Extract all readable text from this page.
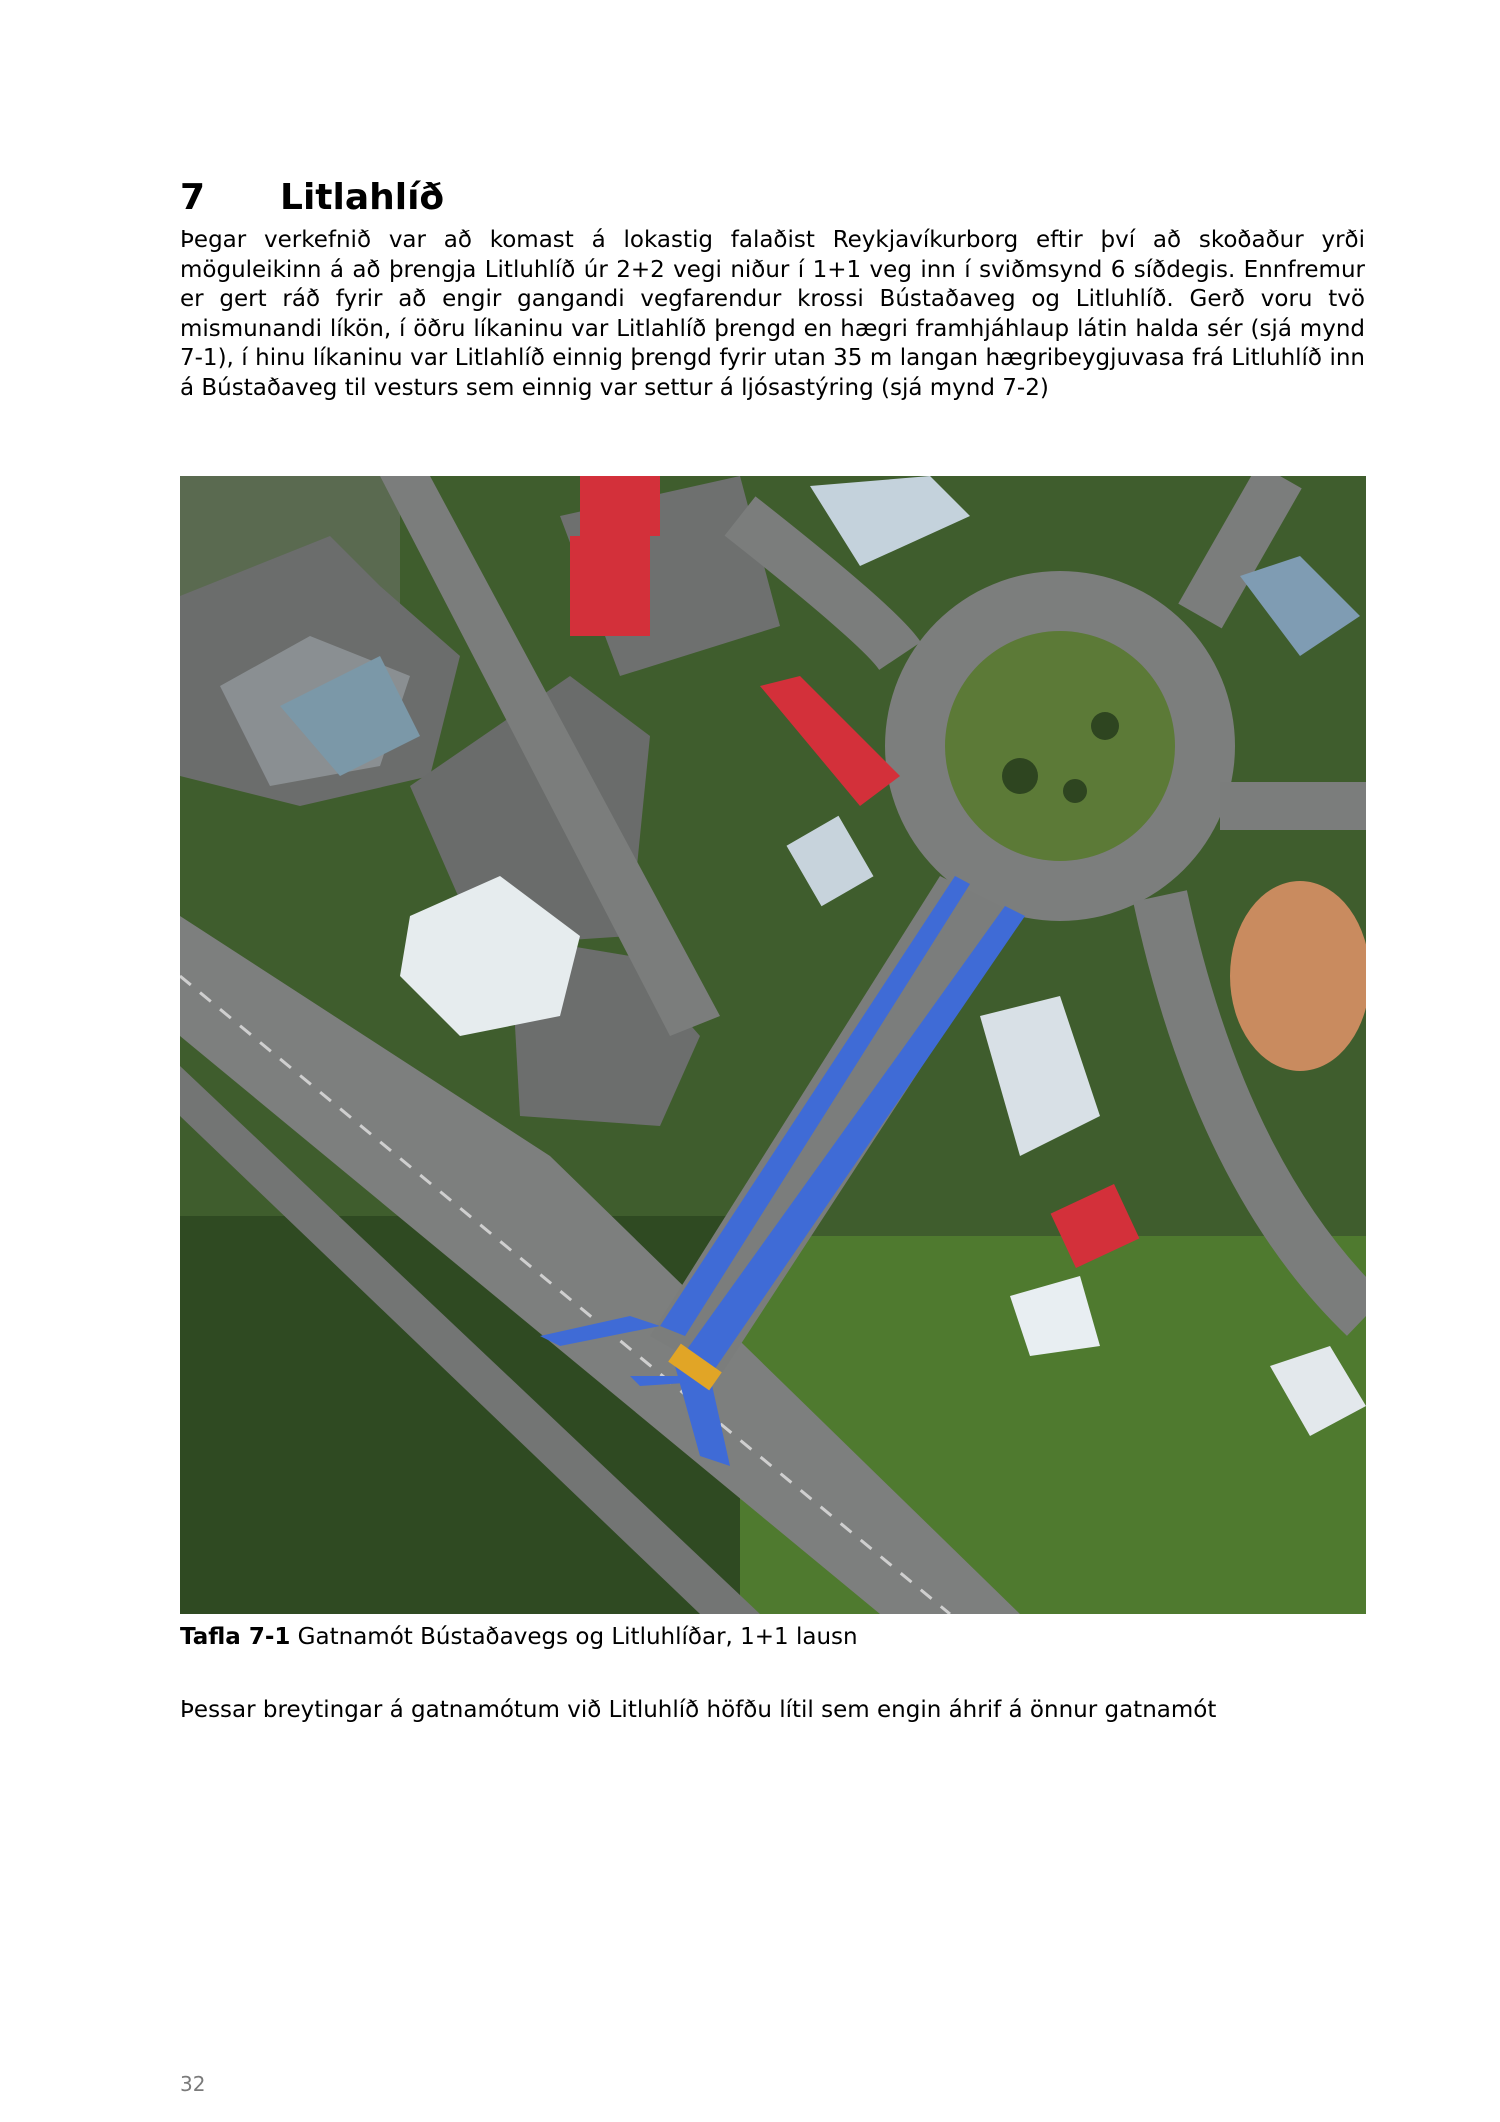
7 Litlahlíð

Þegar verkefnið var að komast á lokastig falaðist Reykjavíkurborg eftir því að skoðaður yrði möguleikinn á að þrengja Litluhlíð úr 2+2 vegi niður í 1+1 veg inn í sviðmsynd 6 síðdegis. Ennfremur er gert ráð fyrir að engir gangandi vegfarendur krossi Bústaðaveg og Litluhlíð. Gerð voru tvö mismunandi líkön, í öðru líkaninu var Litlahlíð þrengd en hægri framhjáhlaup látin halda sér (sjá mynd 7-1), í hinu líkaninu var Litlahlíð einnig þrengd fyrir utan 35 m langan hægribeygjuvasa frá Litluhlíð inn á Bústaðaveg til vesturs sem einnig var settur á ljósastýring (sjá mynd 7-2)

Tafla 7-1 Gatnamót Bústaðavegs og Litluhlíðar, 1+1 lausn
Þessar breytingar á gatnamótum við Litluhlíð höfðu lítil sem engin áhrif á önnur gatnamót
32
